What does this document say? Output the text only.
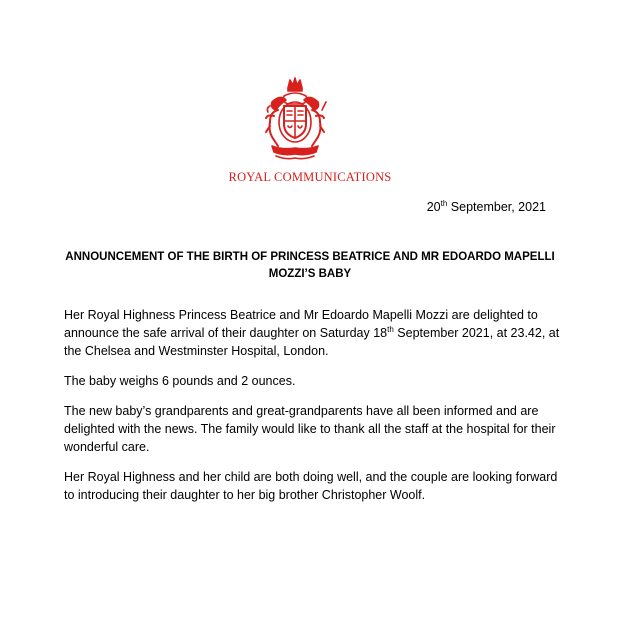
ROYAL COMMUNICATIONS
20th September, 2021
ANNOUNCEMENT OF THE BIRTH OF PRINCESS BEATRICE AND MR EDOARDO MAPELLI MOZZI’S BABY

Her Royal Highness Princess Beatrice and Mr Edoardo Mapelli Mozzi are delighted to announce the safe arrival of their daughter on Saturday 18th September 2021, at 23.42, at the Chelsea and Westminster Hospital, London.

The baby weighs 6 pounds and 2 ounces.

The new baby’s grandparents and great-grandparents have all been informed and are delighted with the news. The family would like to thank all the staff at the hospital for their wonderful care.

Her Royal Highness and her child are both doing well, and the couple are looking forward to introducing their daughter to her big brother Christopher Woolf.
